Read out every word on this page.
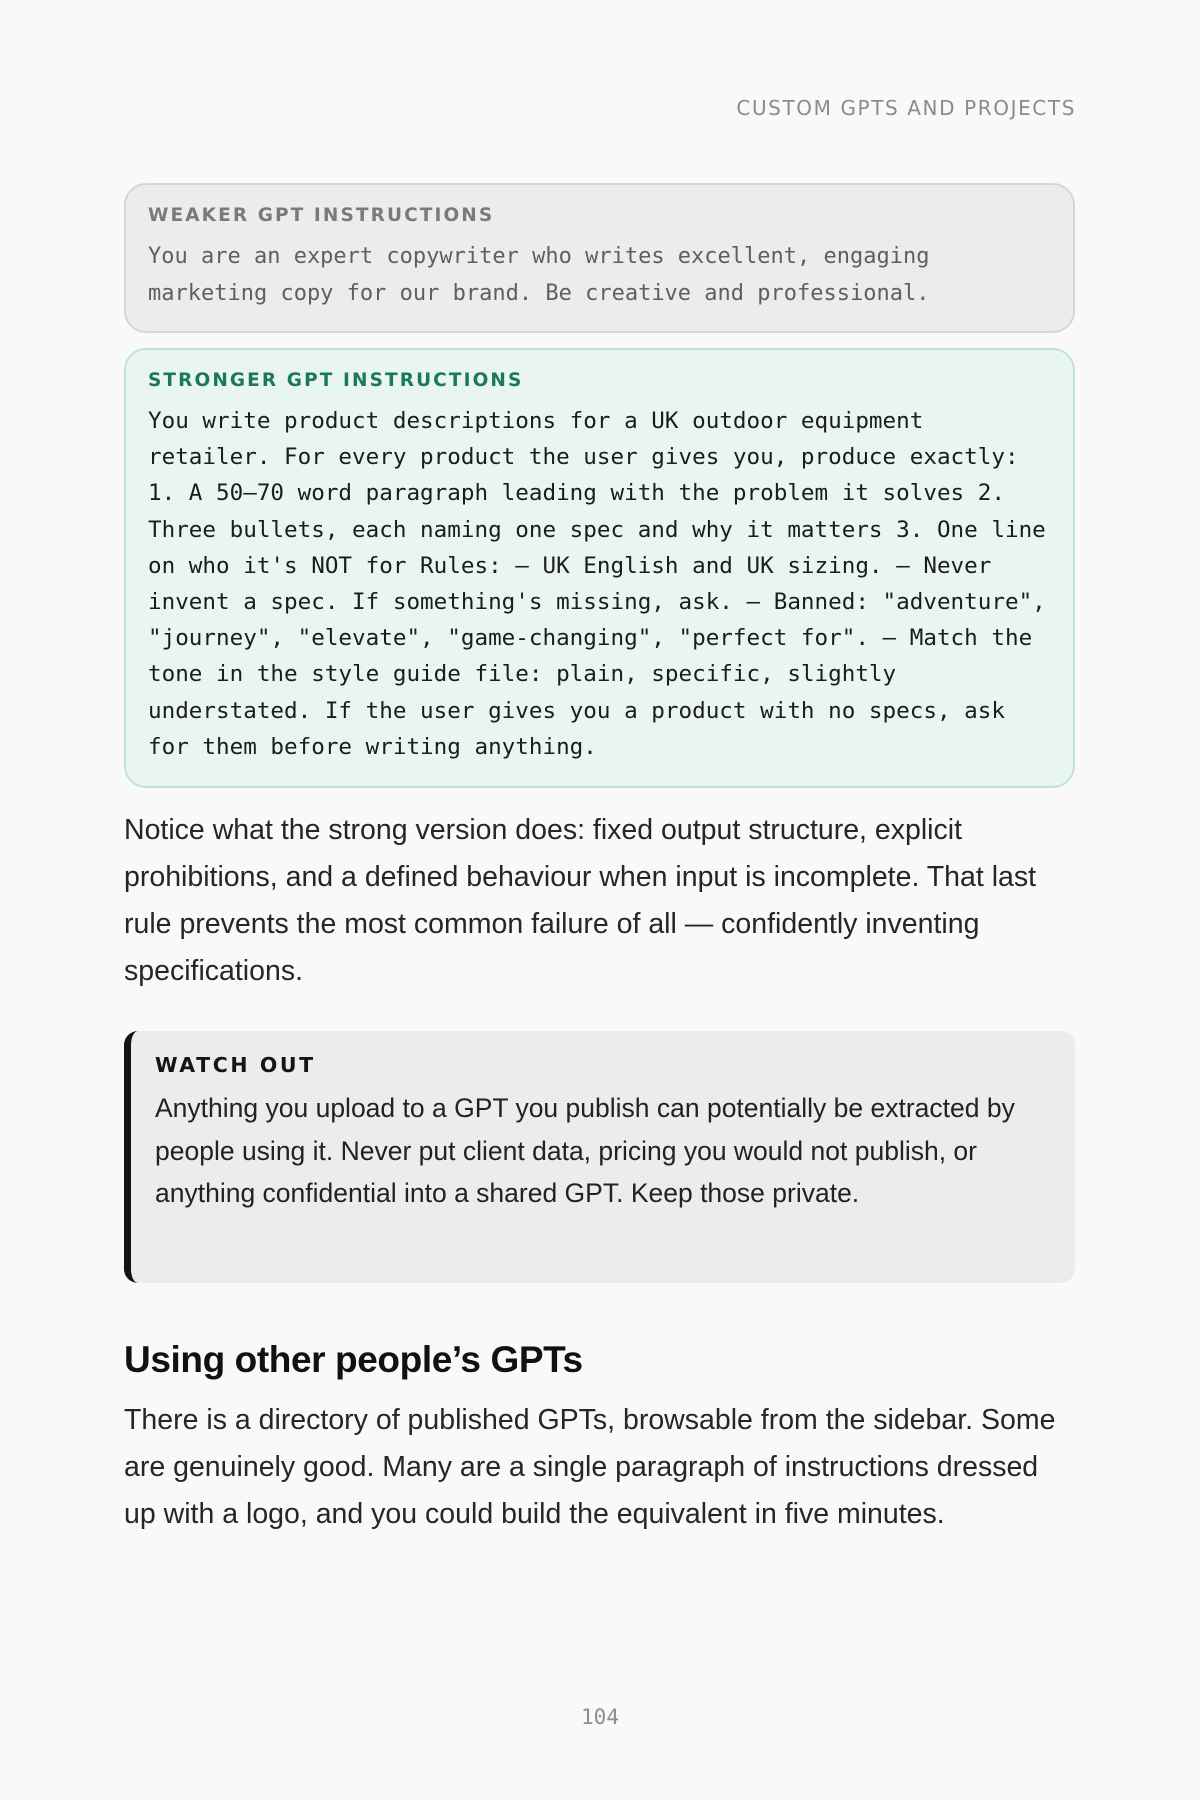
CUSTOM GPTS AND PROJECTS
WEAKER GPT INSTRUCTIONS
You are an expert copywriter who writes excellent, engaging marketing copy for our brand. Be creative and professional.
STRONGER GPT INSTRUCTIONS
You write product descriptions for a UK outdoor equipment retailer. For every product the user gives you, produce exactly: 1. A 50–70 word paragraph leading with the problem it solves 2. Three bullets, each naming one spec and why it matters 3. One line on who it's NOT for Rules: – UK English and UK sizing. – Never invent a spec. If something's missing, ask. – Banned: "adventure", "journey", "elevate", "game-changing", "perfect for". – Match the tone in the style guide file: plain, specific, slightly understated. If the user gives you a product with no specs, ask for them before writing anything.

Notice what the strong version does: fixed output structure, explicit prohibitions, and a defined behaviour when input is incomplete. That last rule prevents the most common failure of all — confidently inventing specifications.

WATCH OUT
Anything you upload to a GPT you publish can potentially be extracted by people using it. Never put client data, pricing you would not publish, or anything confidential into a shared GPT. Keep those private.
Using other people’s GPTs

There is a directory of published GPTs, browsable from the sidebar. Some are genuinely good. Many are a single paragraph of instructions dressed up with a logo, and you could build the equivalent in five minutes.

104
